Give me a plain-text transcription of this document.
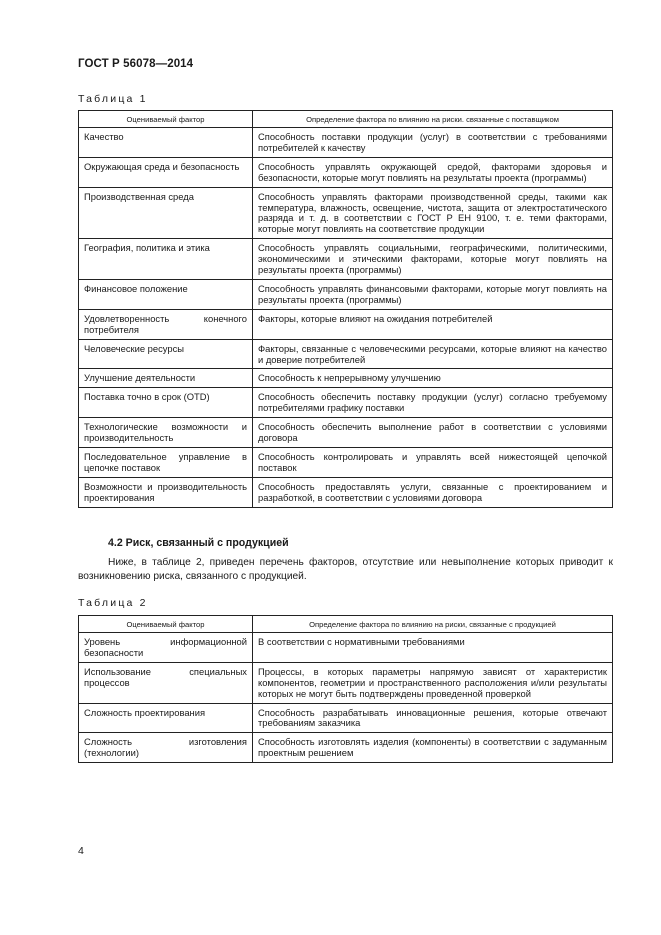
ГОСТ Р 56078—2014
Таблица 1
Оцениваемый фактор	Определение фактора по влиянию на риски. связанные с поставщиком
Качество	Способность поставки продукции (услуг) в соответствии с требованиями потребителей к качеству
Окружающая среда и безопасность	Способность управлять окружающей средой, факторами здоровья и безопасности, которые могут повлиять на результаты проекта (программы)
Производственная среда	Способность управлять факторами производственной среды, такими как температура, влажность, освещение, чистота, защита от электростатического разряда и т. д. в соответствии с ГОСТ Р ЕН 9100, т. е. теми факторами, которые могут повлиять на соответствие продукции
География, политика и этика	Способность управлять социальными, географическими, политическими, экономическими и этическими факторами, которые могут повлиять на результаты проекта (программы)
Финансовое положение	Способность управлять финансовыми факторами, которые могут повлиять на результаты проекта (программы)
Удовлетворенность конечного потребителя	Факторы, которые влияют на ожидания потребителей
Человеческие ресурсы	Факторы, связанные с человеческими ресурсами, которые влияют на качество и доверие потребителей
Улучшение деятельности	Способность к непрерывному улучшению
Поставка точно в срок (OTD)	Способность обеспечить поставку продукции (услуг) согласно требуемому потребителями графику поставки
Технологические возможности и производительность	Способность обеспечить выполнение работ в соответствии с условиями договора
Последовательное управление в цепочке поставок	Способность контролировать и управлять всей нижестоящей цепочкой поставок
Возможности и производительность проектирования	Способность предоставлять услуги, связанные с проектированием и разработкой, в соответствии с условиями договора
4.2 Риск, связанный с продукцией
Ниже, в таблице 2, приведен перечень факторов, отсутствие или невыполнение которых приводит к возникновению риска, связанного с продукцией.
Таблица 2
Оцениваемый фактор	Определение фактора по влиянию на риски, связанные с продукцией
Уровень информационной безопасности	В соответствии с нормативными требованиями
Использование специальных процессов	Процессы, в которых параметры напрямую зависят от характеристик компонентов, геометрии и пространственного расположения и/или результаты которых не могут быть подтверждены проведенной проверкой
Сложность проектирования	Способность разрабатывать инновационные решения, которые отвечают требованиям заказчика
Сложность изготовления (технологии)	Способность изготовлять изделия (компоненты) в соответствии с задуманным проектным решением
4
